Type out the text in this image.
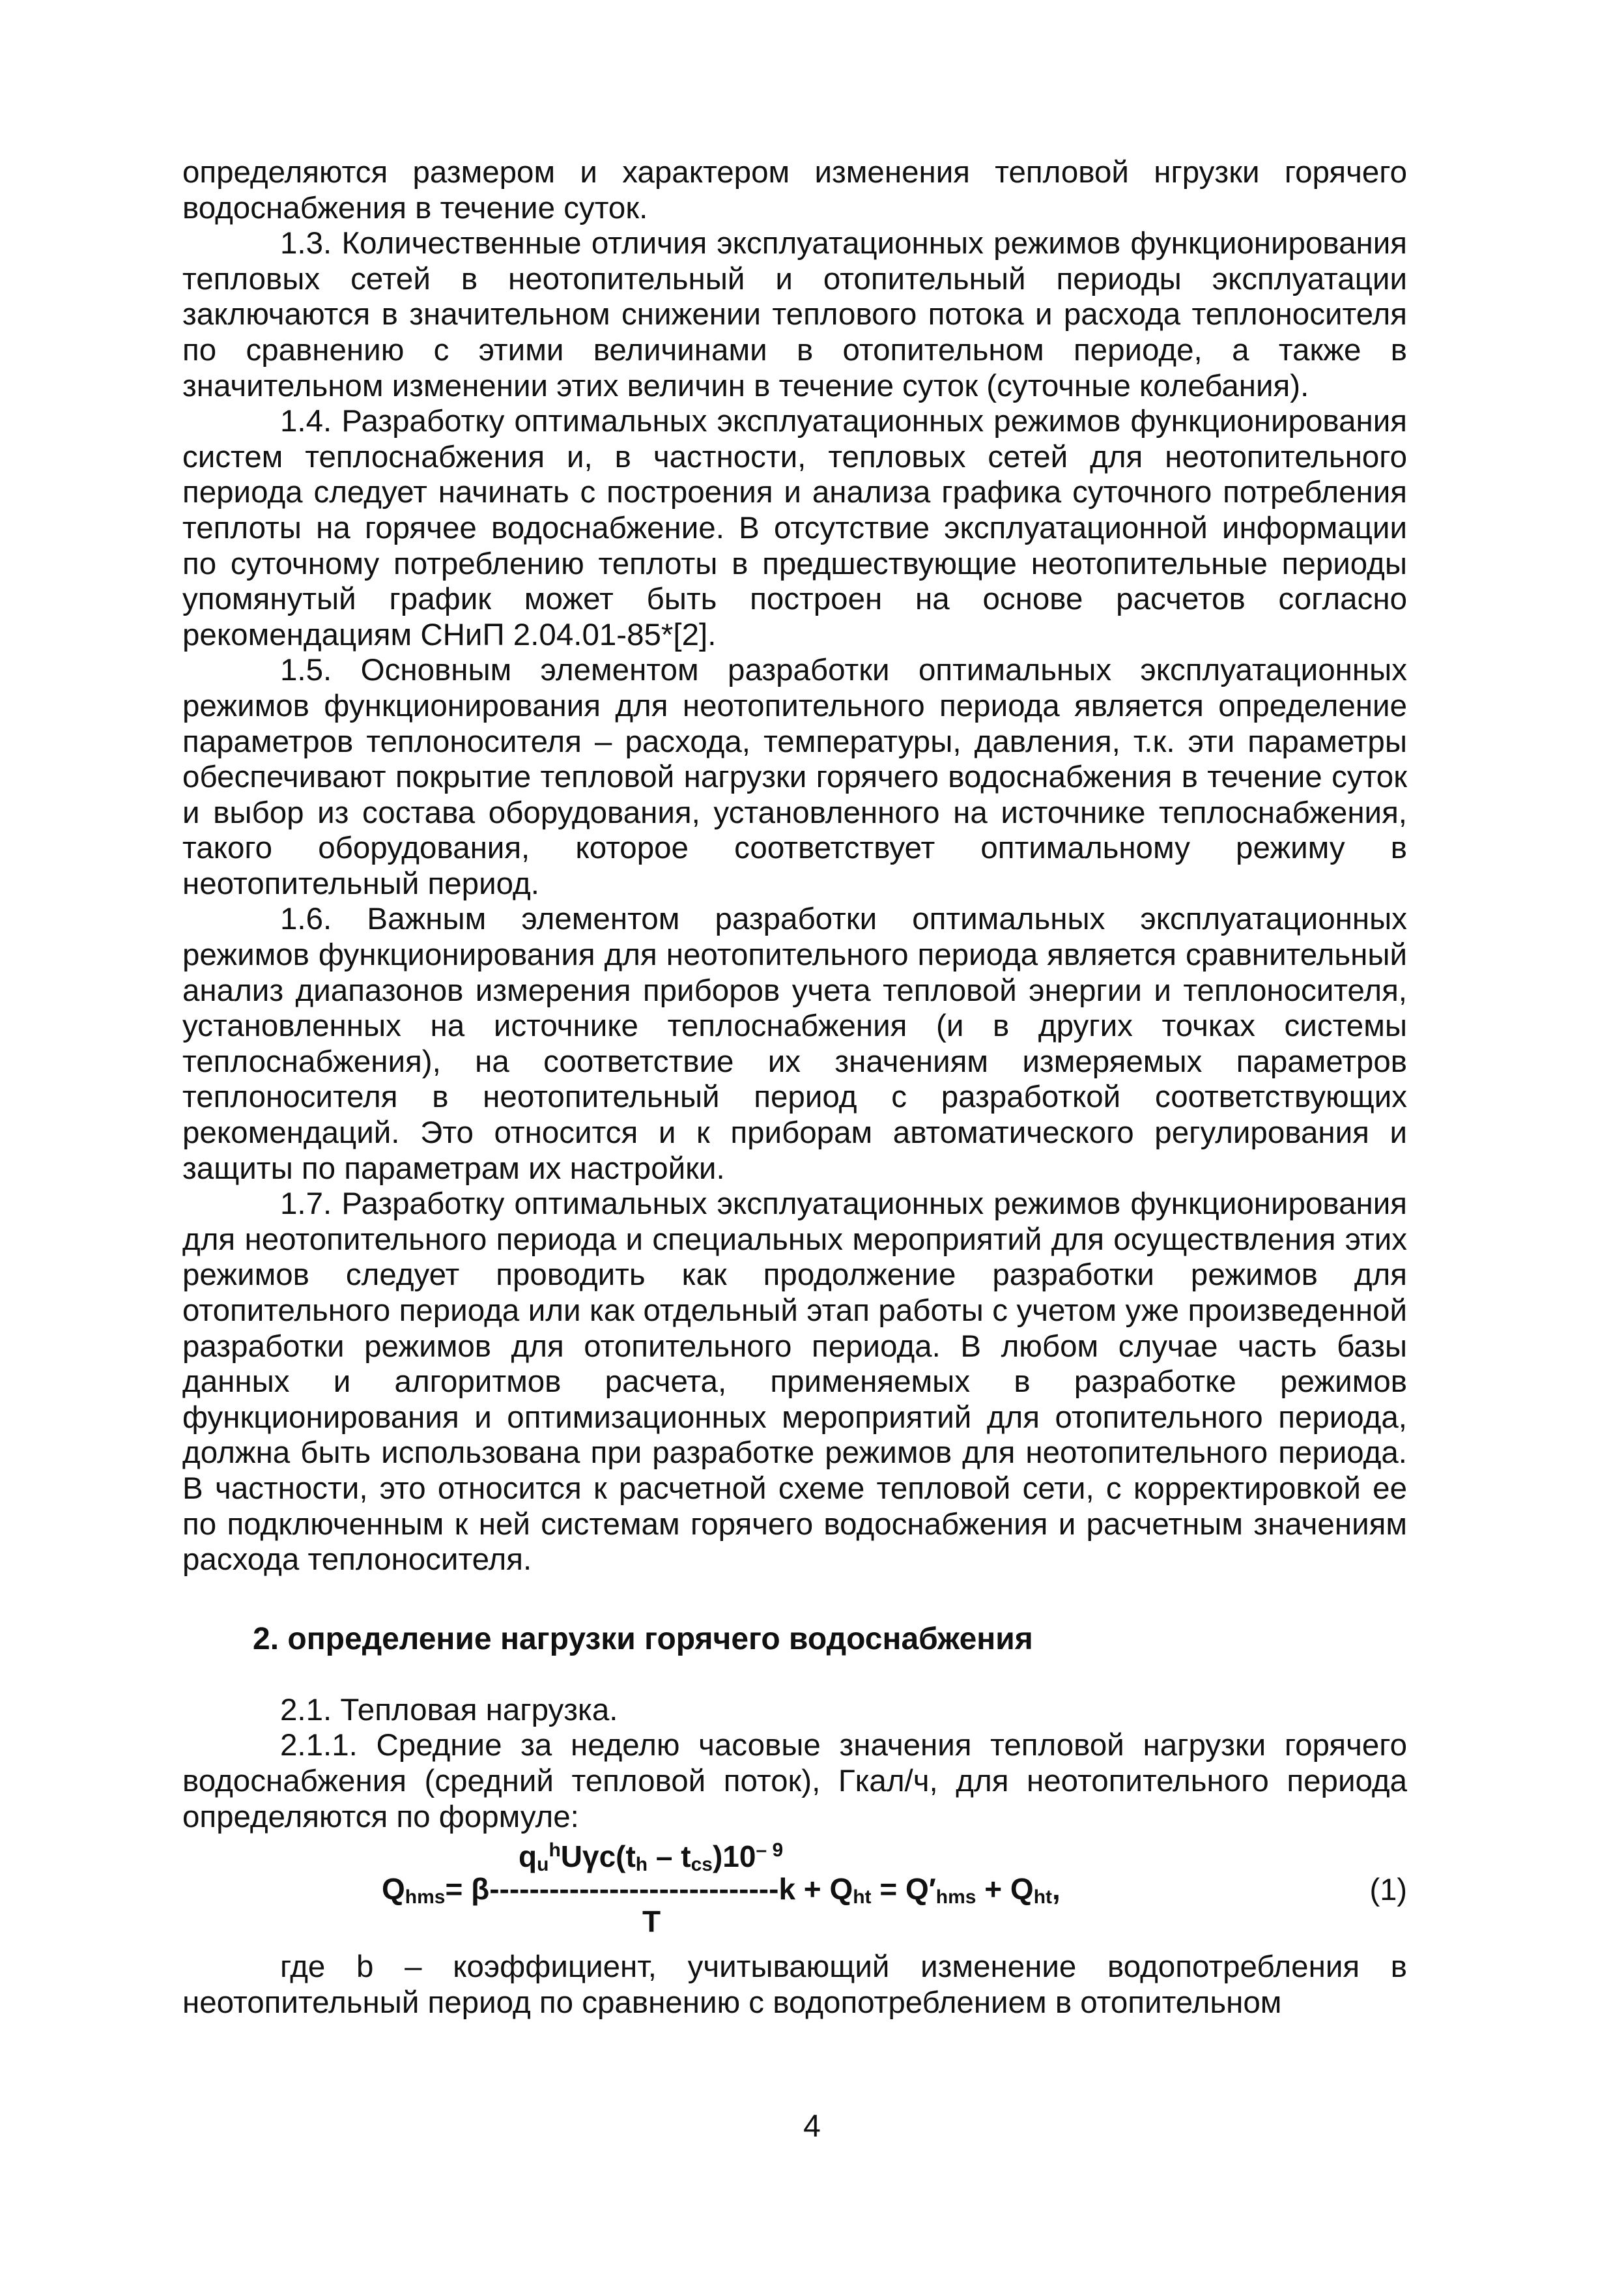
определяются размером и характером изменения тепловой нгрузки горячего водоснабжения в течение суток.

1.3. Количественные отличия эксплуатационных режимов функционирования тепловых сетей в неотопительный и отопительный периоды эксплуатации заключаются в значительном снижении теплового потока и расхода теплоносителя по сравнению с этими величинами в отопительном периоде, а также в значительном изменении этих величин в течение суток (суточные колебания).

1.4. Разработку оптимальных эксплуатационных режимов функционирования систем теплоснабжения и, в частности, тепловых сетей для неотопительного периода следует начинать с построения и анализа графика суточного потребления теплоты на горячее водоснабжение. В отсутствие эксплуатационной информации по суточному потреблению теплоты в предшествующие неотопительные периоды упомянутый график может быть построен на основе расчетов согласно рекомендациям СНиП 2.04.01-85*[2].

1.5. Основным элементом разработки оптимальных эксплуатационных режимов функционирования для неотопительного периода является определение параметров теплоносителя – расхода, температуры, давления, т.к. эти параметры обеспечивают покрытие тепловой нагрузки горячего водоснабжения в течение суток и выбор из состава оборудования, установленного на источнике теплоснабжения, такого оборудования, которое соответствует оптимальному режиму в неотопительный период.

1.6. Важным элементом разработки оптимальных эксплуатационных режимов функционирования для неотопительного периода является сравнительный анализ диапазонов измерения приборов учета тепловой энергии и теплоносителя, установленных на источнике теплоснабжения (и в других точках системы теплоснабжения), на соответствие их значениям измеряемых параметров теплоносителя в неотопительный период с разработкой соответствующих рекомендаций. Это относится и к приборам автоматического регулирования и защиты по параметрам их настройки.

1.7. Разработку оптимальных эксплуатационных режимов функционирования для неотопительного периода и специальных мероприятий для осуществления этих режимов следует проводить как продолжение разработки режимов для отопительного периода или как отдельный этап работы с учетом уже произведенной разработки режимов для отопительного периода. В любом случае часть базы данных и алгоритмов расчета, применяемых в разработке режимов функционирования и оптимизационных мероприятий для отопительного периода, должна быть использована при разработке режимов для неотопительного периода. В частности, это относится к расчетной схеме тепловой сети, с корректировкой ее по подключенным к ней системам горячего водоснабжения и расчетным значениям расхода теплоносителя.

2. определение нагрузки горячего водоснабжения

2.1. Тепловая нагрузка.

2.1.1. Средние за неделю часовые значения тепловой нагрузки горячего водоснабжения (средний тепловой поток), Гкал/ч, для неотопительного периода определяются по формуле:

$q_u^hU\gamma c(t_h - t_{cs})10^{- 9}$
$Q_{hms}= \beta-----------------------------k + Q_{ht} = Q'_{hms} + Q_{ht}$,
T
(1)

где b – коэффициент, учитывающий изменение водопотребления в неотопительный период по сравнению с водопотреблением в отопительном

4
